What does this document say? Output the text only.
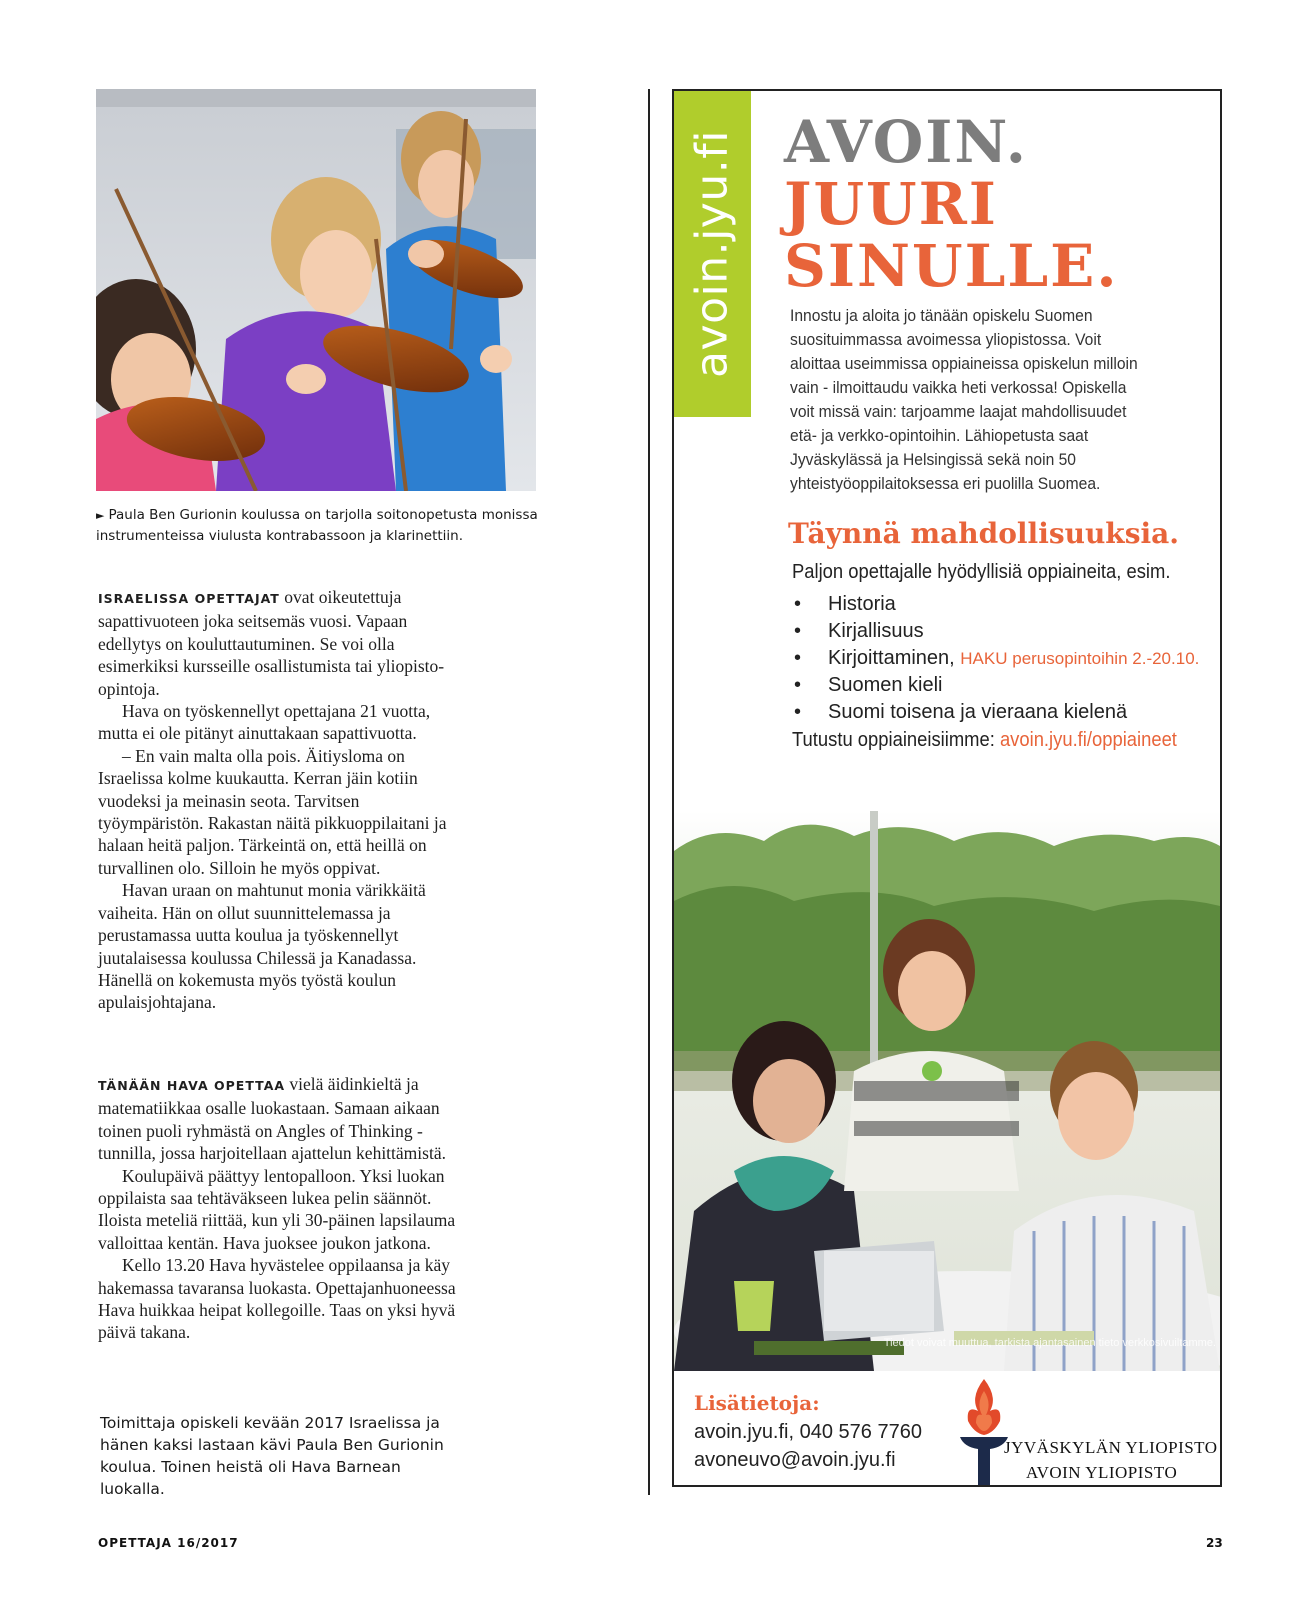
► Paula Ben Gurionin koulussa on tarjolla soitonopetusta monissa instrumenteissa viulusta kontrabassoon ja klarinettiin.

ISRAELISSA OPETTAJAT ovat oikeutettuja sapattivuoteen joka seitsemäs vuosi. Vapaan edellytys on kouluttautuminen. Se voi olla esimerkiksi kursseille osallistumista tai yliopisto-opintoja.

Hava on työskennellyt opettajana 21 vuotta, mutta ei ole pitänyt ainuttakaan sapattivuotta.

– En vain malta olla pois. Äitiysloma on Israelissa kolme kuukautta. Kerran jäin kotiin vuodeksi ja meinasin seota. Tarvitsen työympäristön. Rakastan näitä pikkuoppilaitani ja halaan heitä paljon. Tärkeintä on, että heillä on turvallinen olo. Silloin he myös oppivat.

Havan uraan on mahtunut monia värikkäitä vaiheita. Hän on ollut suunnittelemassa ja perustamassa uutta koulua ja työskennellyt juutalaisessa koulussa Chilessä ja Kanadassa. Hänellä on kokemusta myös työstä koulun apulaisjohtajana.

TÄNÄÄN HAVA OPETTAA vielä äidinkieltä ja matematiikkaa osalle luokastaan. Samaan aikaan toinen puoli ryhmästä on Angles of Thinking -tunnilla, jossa harjoitellaan ajattelun kehittämistä.

Koulupäivä päättyy lentopalloon. Yksi luokan oppilaista saa tehtäväkseen lukea pelin säännöt. Iloista meteliä riittää, kun yli 30-päinen lapsilauma valloittaa kentän. Hava juoksee joukon jatkona.

Kello 13.20 Hava hyvästelee oppilaansa ja käy hakemassa tavaransa luokasta. Opettajanhuoneessa Hava huikkaa heipat kollegoille. Taas on yksi hyvä päivä takana.

Toimittaja opiskeli kevään 2017 Israelissa ja hänen kaksi lastaan kävi Paula Ben Gurionin koulua. Toinen heistä oli Hava Barnean luokalla.
avoin.jyu.fi AVOIN.
JUURI
SINULLE.
Innostu ja aloita jo tänään opiskelu Suomen suosituimmassa avoimessa yliopistossa. Voit aloittaa useimmissa oppiaineissa opiskelun milloin vain - ilmoittaudu vaikka heti verkossa! Opiskella voit missä vain: tarjoamme laajat mahdollisuudet etä- ja verkko-opintoihin. Lähiopetusta saat Jyväskylässä ja Helsingissä sekä noin 50 yhteistyöoppilaitoksessa eri puolilla Suomea.
Täynnä mahdollisuuksia.
Paljon opettajalle hyödyllisiä oppiaineita, esim.
• Historia
• Kirjallisuus
• Kirjoittaminen, HAKU perusopintoihin 2.-20.10.
• Suomen kieli
• Suomi toisena ja vieraana kielenä
Tutustu oppiaineisiimme: avoin.jyu.fi/oppiaineet
Tiedot voivat muuttua, tarkista ajantasainen tieto verkkosivuiltamme.
Lisätietoja:
avoin.jyu.fi, 040 576 7760
avoneuvo@avoin.jyu.fi
JYVÄSKYLÄN YLIOPISTO
AVOIN YLIOPISTO
OPETTAJA 16/2017	23
